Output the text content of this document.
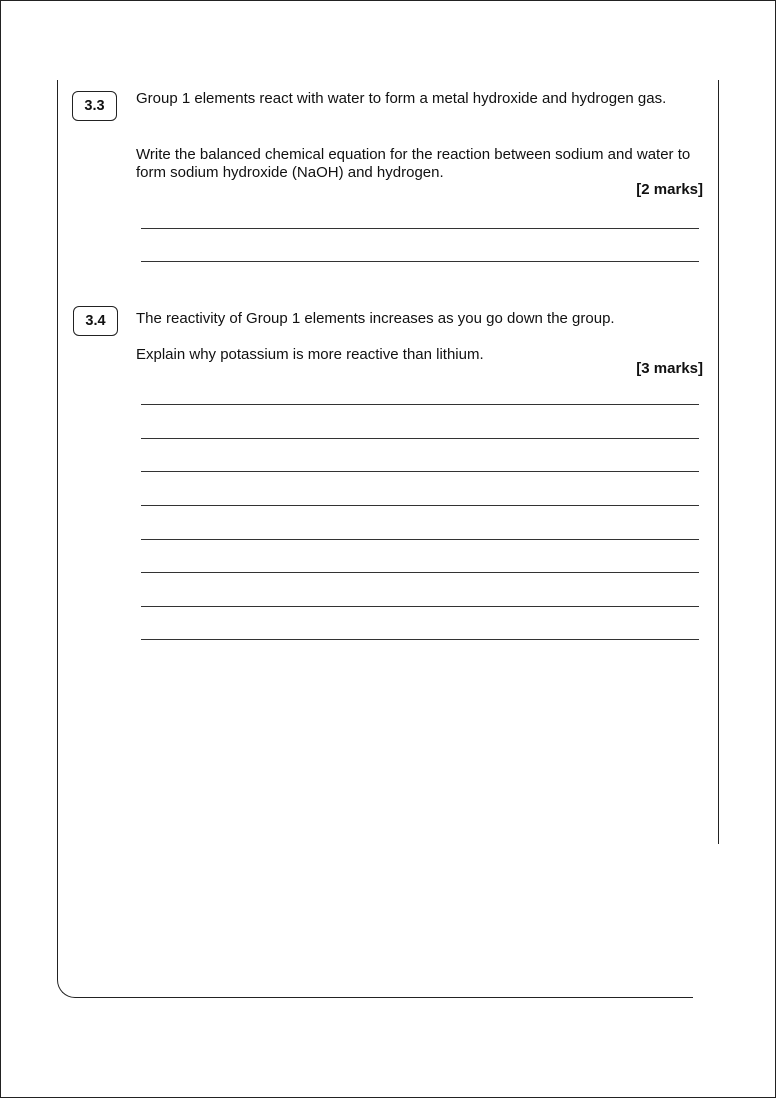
3.3	Group 1 elements react with water to form a metal hydroxide and hydrogen gas.
Write the balanced chemical equation for the reaction between sodium and water to form sodium hydroxide (NaOH) and hydrogen.
[2 marks]
3.4	The reactivity of Group 1 elements increases as you go down the group.
Explain why potassium is more reactive than lithium.
[3 marks]
